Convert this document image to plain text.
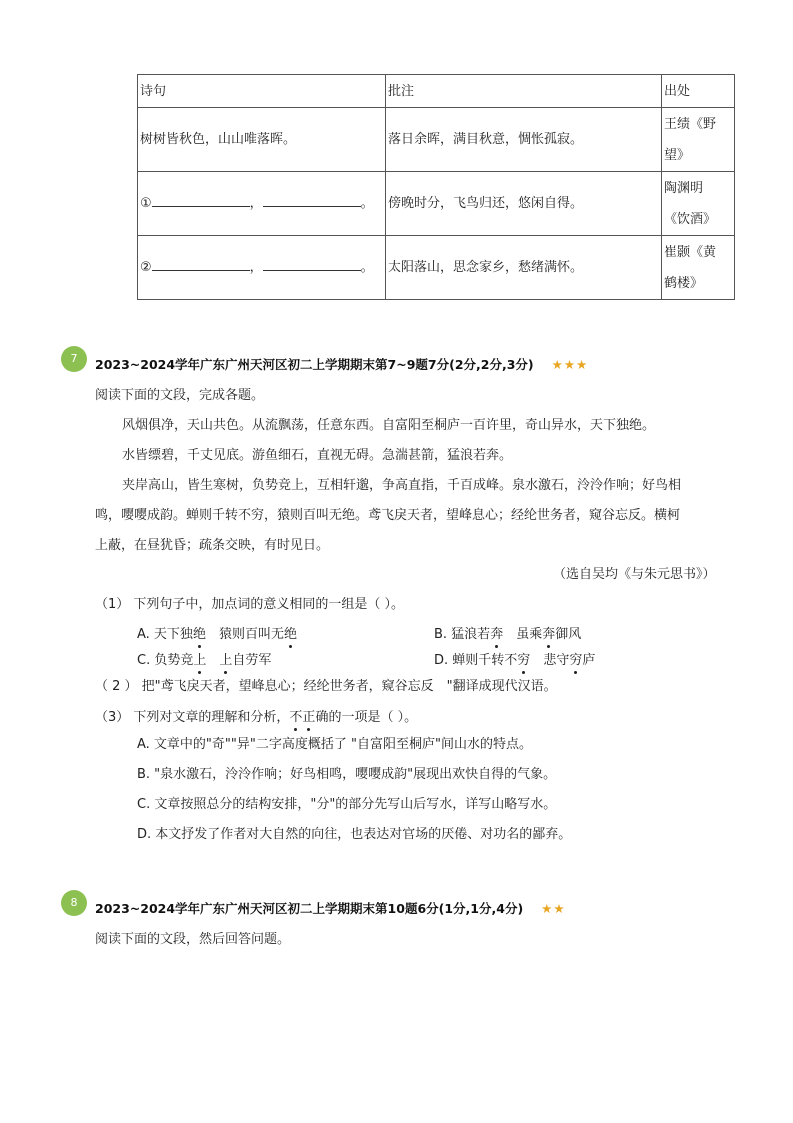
诗句	批注	出处
树树皆秋色，山山唯落晖。	落日余晖，满目秋意，惆怅孤寂。	王绩《野
望》
① ， 。	傍晚时分，飞鸟归还，悠闲自得。	陶渊明
《饮酒》
② ， 。	太阳落山，思念家乡，愁绪满怀。	崔颢《黄
鹤楼》
7	2023~2024学年广东广州天河区初二上学期期末第7~9题7分(2分,2分,3分) ★★★
阅读下面的文段，完成各题。
风烟俱净，天山共色。从流飘荡，任意东西。自富阳至桐庐一百许里，奇山异水，天下独绝。
水皆缥碧，千丈见底。游鱼细石，直视无碍。急湍甚箭，猛浪若奔。
夹岸高山，皆生寒树，负势竞上，互相轩邈，争高直指，千百成峰。泉水激石，泠泠作响；好鸟相
鸣，嘤嘤成韵。蝉则千转不穷，猿则百叫无绝。鸢飞戾天者，望峰息心；经纶世务者，窥谷忘反。横柯
上蔽，在昼犹昏；疏条交映，有时见日。
（选自吴均《与朱元思书》）
（1） 下列句子中，加点词的意义相同的一组是（ ）。
A. 天下独绝　 猿则百叫无绝	B. 猛浪若奔　 虽乘奔御风
C. 负势竞上　 上自劳军	D. 蝉则千转不穷　 悲守穷庐
（ 2 ） 把"鸢飞戾天者，望峰息心；经纶世务者，窥谷忘反　"翻译成现代汉语。
（3） 下列对文章的理解和分析，不正确的一项是（ ）。
A. 文章中的"奇""异"二字高度概括了 "自富阳至桐庐"间山水的特点。
B. "泉水激石，泠泠作响；好鸟相鸣，嘤嘤成韵"展现出欢快自得的气象。
C. 文章按照总分的结构安排，"分"的部分先写山后写水，详写山略写水。
D. 本文抒发了作者对大自然的向往，也表达对官场的厌倦、对功名的鄙弃。
8	2023~2024学年广东广州天河区初二上学期期末第10题6分(1分,1分,4分) ★★
阅读下面的文段，然后回答问题。
